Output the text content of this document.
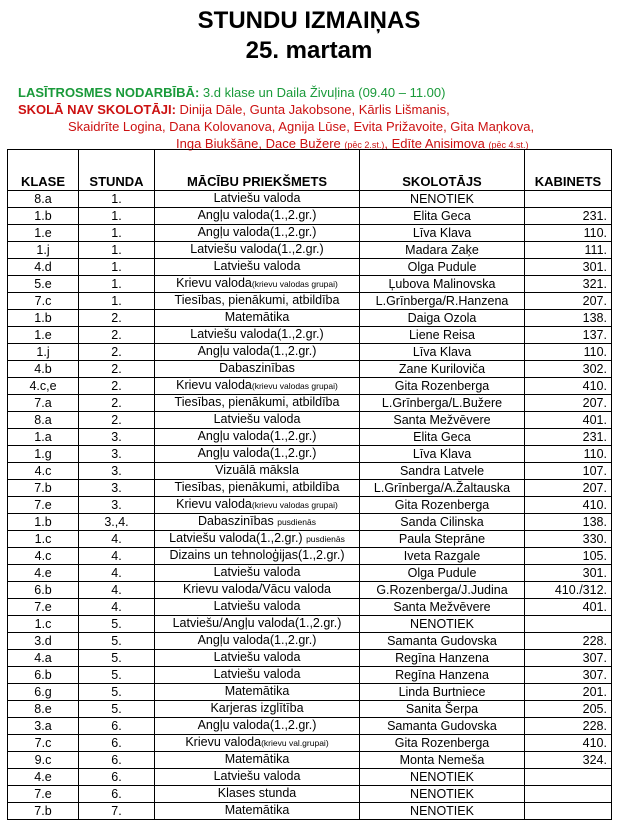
STUNDU IZMAIŅAS
25. martam
LASĪTROSMES NODARBĪBĀ: 3.d klase un Daila Živuļina (09.40 – 11.00)
SKOLĀ NAV SKOLOTĀJI: Dinija Dāle, Gunta Jakobsone, Kārlis Lišmanis,
Skaidrīte Logina, Dana Kolovanova, Agnija Lūse, Evita Prižavoite, Gita Maņkova,
Inga Biukšāne, Dace Bužere (pēc 2.st.), Edīte Anisimova (pēc 4.st.)
KLASE	STUNDA	MĀCĪBU PRIEKŠMETS	SKOLOTĀJS	KABINETS
8.a	1.	Latviešu valoda	NENOTIEK	
1.b	1.	Angļu valoda(1.,2.gr.)	Elita Geca	231.
1.e	1.	Angļu valoda(1.,2.gr.)	Līva Klava	110.
1.j	1.	Latviešu valoda(1.,2.gr.)	Madara Zaķe	111.
4.d	1.	Latviešu valoda	Olga Pudule	301.
5.e	1.	Krievu valoda(krievu valodas grupai)	Ļubova Malinovska	321.
7.c	1.	Tiesības, pienākumi, atbildība	L.Grīnberga/R.Hanzena	207.
1.b	2.	Matemātika	Daiga Ozola	138.
1.e	2.	Latviešu valoda(1.,2.gr.)	Liene Reisa	137.
1.j	2.	Angļu valoda(1.,2.gr.)	Līva Klava	110.
4.b	2.	Dabaszinības	Zane Kuriloviča	302.
4.c,e	2.	Krievu valoda(krievu valodas grupai)	Gita Rozenberga	410.
7.a	2.	Tiesības, pienākumi, atbildība	L.Grīnberga/L.Bužere	207.
8.a	2.	Latviešu valoda	Santa Mežvēvere	401.
1.a	3.	Angļu valoda(1.,2.gr.)	Elita Geca	231.
1.g	3.	Angļu valoda(1.,2.gr.)	Līva Klava	110.
4.c	3.	Vizuālā māksla	Sandra Latvele	107.
7.b	3.	Tiesības, pienākumi, atbildība	L.Grīnberga/A.Žaltauska	207.
7.e	3.	Krievu valoda(krievu valodas grupai)	Gita Rozenberga	410.
1.b	3.,4.	Dabaszinības pusdienās	Sanda Cilinska	138.
1.c	4.	Latviešu valoda(1.,2.gr.) pusdienās	Paula Steprāne	330.
4.c	4.	Dizains un tehnoloģijas(1.,2.gr.)	Iveta Razgale	105.
4.e	4.	Latviešu valoda	Olga Pudule	301.
6.b	4.	Krievu valoda/Vācu valoda	G.Rozenberga/J.Judina	410./312.
7.e	4.	Latviešu valoda	Santa Mežvēvere	401.
1.c	5.	Latviešu/Angļu valoda(1.,2.gr.)	NENOTIEK	
3.d	5.	Angļu valoda(1.,2.gr.)	Samanta Gudovska	228.
4.a	5.	Latviešu valoda	Regīna Hanzena	307.
6.b	5.	Latviešu valoda	Regīna Hanzena	307.
6.g	5.	Matemātika	Linda Burtniece	201.
8.e	5.	Karjeras izglītība	Sanita Šerpa	205.
3.a	6.	Angļu valoda(1.,2.gr.)	Samanta Gudovska	228.
7.c	6.	Krievu valoda(krievu val.grupai)	Gita Rozenberga	410.
9.c	6.	Matemātika	Monta Nemeša	324.
4.e	6.	Latviešu valoda	NENOTIEK	
7.e	6.	Klases stunda	NENOTIEK	
7.b	7.	Matemātika	NENOTIEK	
